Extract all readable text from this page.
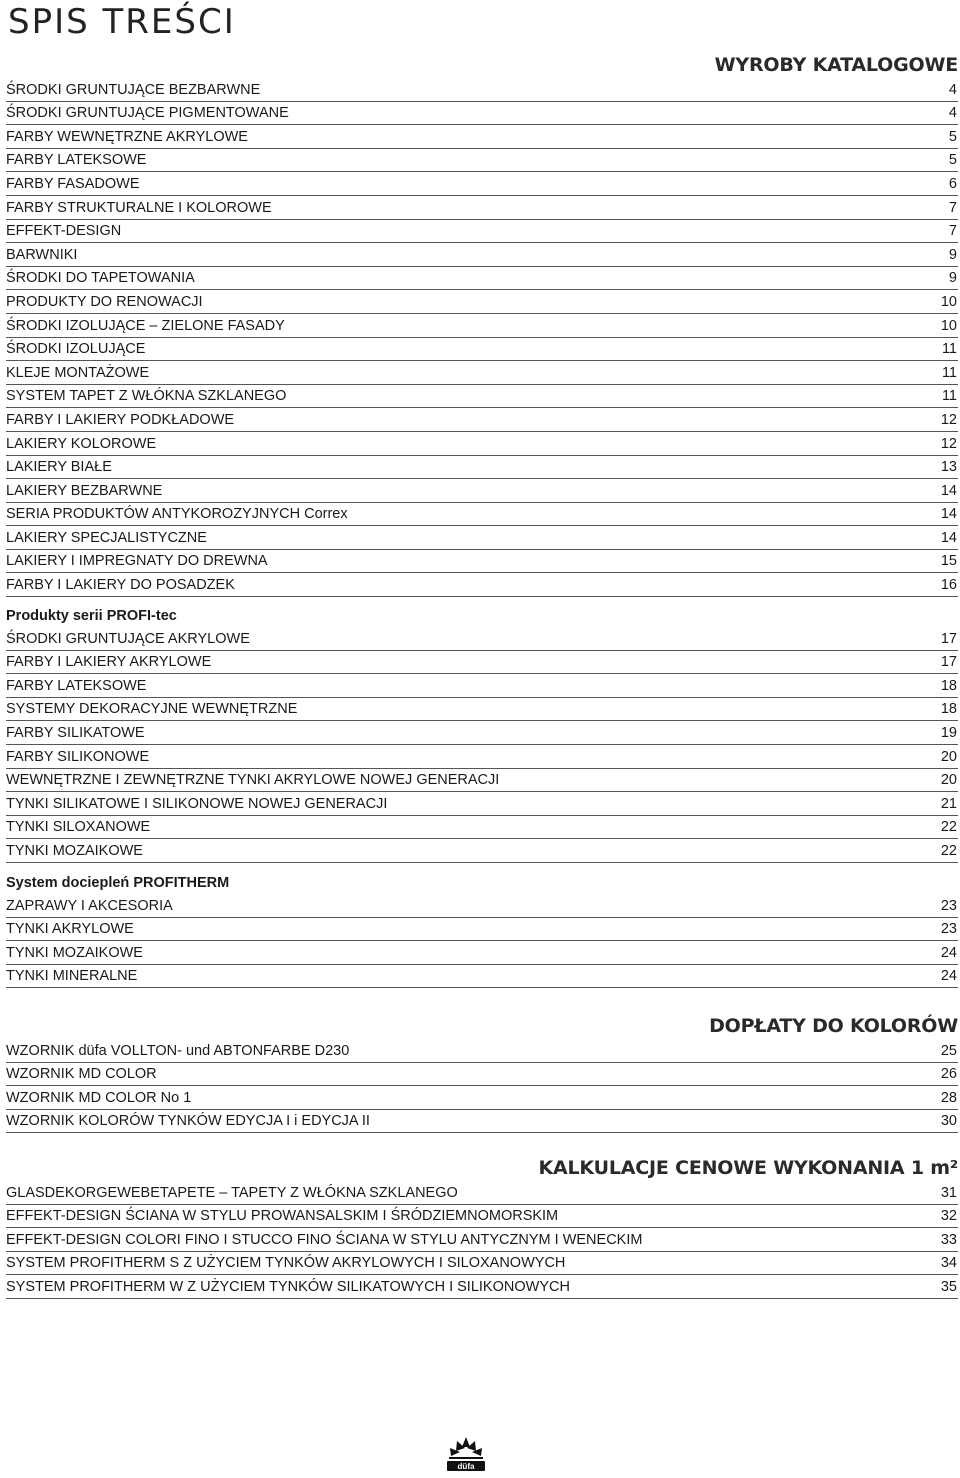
SPIS TREŚCI
WYROBY KATALOGOWE
ŚRODKI GRUNTUJĄCE BEZBARWNE	4
ŚRODKI GRUNTUJĄCE PIGMENTOWANE	4
FARBY WEWNĘTRZNE AKRYLOWE	5
FARBY LATEKSOWE	5
FARBY FASADOWE	6
FARBY STRUKTURALNE I KOLOROWE	7
EFFEKT-DESIGN	7
BARWNIKI	9
ŚRODKI DO TAPETOWANIA	9
PRODUKTY DO RENOWACJI	10
ŚRODKI IZOLUJĄCE – ZIELONE FASADY	10
ŚRODKI IZOLUJĄCE	11
KLEJE MONTAŻOWE	11
SYSTEM TAPET Z WŁÓKNA SZKLANEGO	11
FARBY I LAKIERY PODKŁADOWE	12
LAKIERY KOLOROWE	12
LAKIERY BIAŁE	13
LAKIERY BEZBARWNE	14
SERIA PRODUKTÓW ANTYKOROZYJNYCH Correx	14
LAKIERY SPECJALISTYCZNE	14
LAKIERY I IMPREGNATY DO DREWNA	15
FARBY I LAKIERY DO POSADZEK	16
Produkty serii PROFI-tec
ŚRODKI GRUNTUJĄCE AKRYLOWE	17
FARBY I LAKIERY AKRYLOWE	17
FARBY LATEKSOWE	18
SYSTEMY DEKORACYJNE WEWNĘTRZNE	18
FARBY SILIKATOWE	19
FARBY SILIKONOWE	20
WEWNĘTRZNE I ZEWNĘTRZNE TYNKI AKRYLOWE NOWEJ GENERACJI	20
TYNKI SILIKATOWE I SILIKONOWE NOWEJ GENERACJI	21
TYNKI SILOXANOWE	22
TYNKI MOZAIKOWE	22
System dociepleń PROFITHERM
ZAPRAWY I AKCESORIA	23
TYNKI AKRYLOWE	23
TYNKI MOZAIKOWE	24
TYNKI MINERALNE	24
DOPŁATY DO KOLORÓW
WZORNIK düfa VOLLTON- und ABTONFARBE D230	25
WZORNIK MD COLOR	26
WZORNIK MD COLOR No 1	28
WZORNIK KOLORÓW TYNKÓW EDYCJA I i EDYCJA II	30
KALKULACJE CENOWE WYKONANIA 1 m²
GLASDEKORGEWEBETAPETE – TAPETY Z WŁÓKNA SZKLANEGO	31
EFFEKT-DESIGN ŚCIANA W STYLU PROWANSALSKIM I ŚRÓDZIEMNOMORSKIM	32
EFFEKT-DESIGN COLORI FINO I STUCCO FINO ŚCIANA W STYLU ANTYCZNYM I WENECKIM	33
SYSTEM PROFITHERM S Z UŻYCIEM TYNKÓW AKRYLOWYCH I SILOXANOWYCH	34
SYSTEM PROFITHERM W Z UŻYCIEM TYNKÓW SILIKATOWYCH I SILIKONOWYCH	35
düfa
